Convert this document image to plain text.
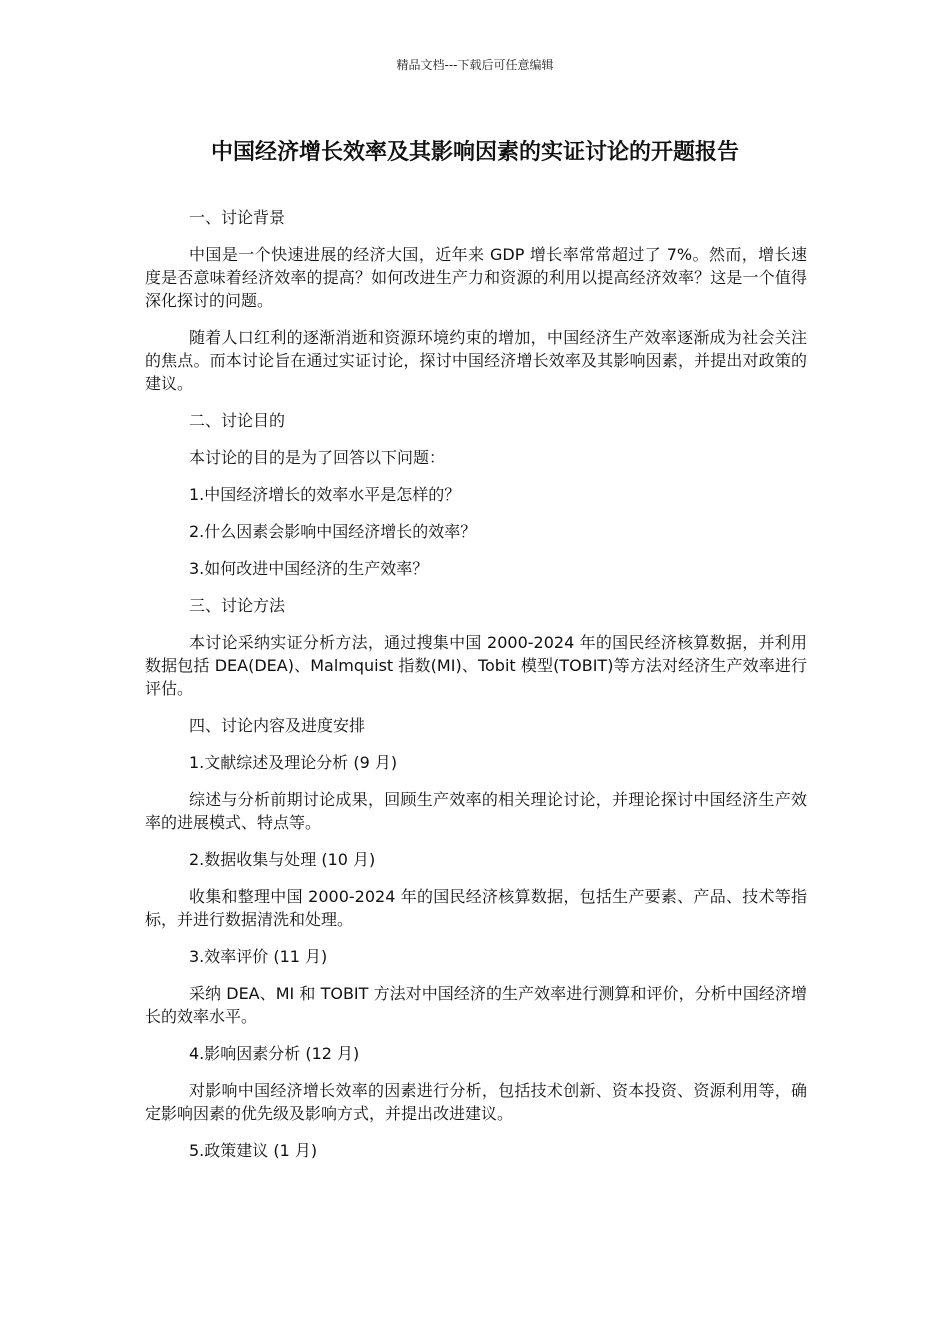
精品文档---下载后可任意编辑
中国经济增长效率及其影响因素的实证讨论的开题报告

一、讨论背景

中国是一个快速进展的经济大国，近年来 GDP 增长率常常超过了 7%。然而，增长速度是否意味着经济效率的提高？如何改进生产力和资源的利用以提高经济效率？这是一个值得深化探讨的问题。

随着人口红利的逐渐消逝和资源环境约束的增加，中国经济生产效率逐渐成为社会关注的焦点。而本讨论旨在通过实证讨论，探讨中国经济增长效率及其影响因素，并提出对政策的建议。

二、讨论目的

本讨论的目的是为了回答以下问题：

1.中国经济增长的效率水平是怎样的？

2.什么因素会影响中国经济增长的效率？

3.如何改进中国经济的生产效率？

三、讨论方法

本讨论采纳实证分析方法，通过搜集中国 2000-2024 年的国民经济核算数据，并利用数据包括 DEA(DEA)、Malmquist 指数(MI)、Tobit 模型(TOBIT)等方法对经济生产效率进行评估。

四、讨论内容及进度安排

1.文献综述及理论分析 (9 月)

综述与分析前期讨论成果，回顾生产效率的相关理论讨论，并理论探讨中国经济生产效率的进展模式、特点等。

2.数据收集与处理 (10 月)

收集和整理中国 2000-2024 年的国民经济核算数据，包括生产要素、产品、技术等指标，并进行数据清洗和处理。

3.效率评价 (11 月)

采纳 DEA、MI 和 TOBIT 方法对中国经济的生产效率进行测算和评价，分析中国经济增长的效率水平。

4.影响因素分析 (12 月)

对影响中国经济增长效率的因素进行分析，包括技术创新、资本投资、资源利用等，确定影响因素的优先级及影响方式，并提出改进建议。

5.政策建议 (1 月)
